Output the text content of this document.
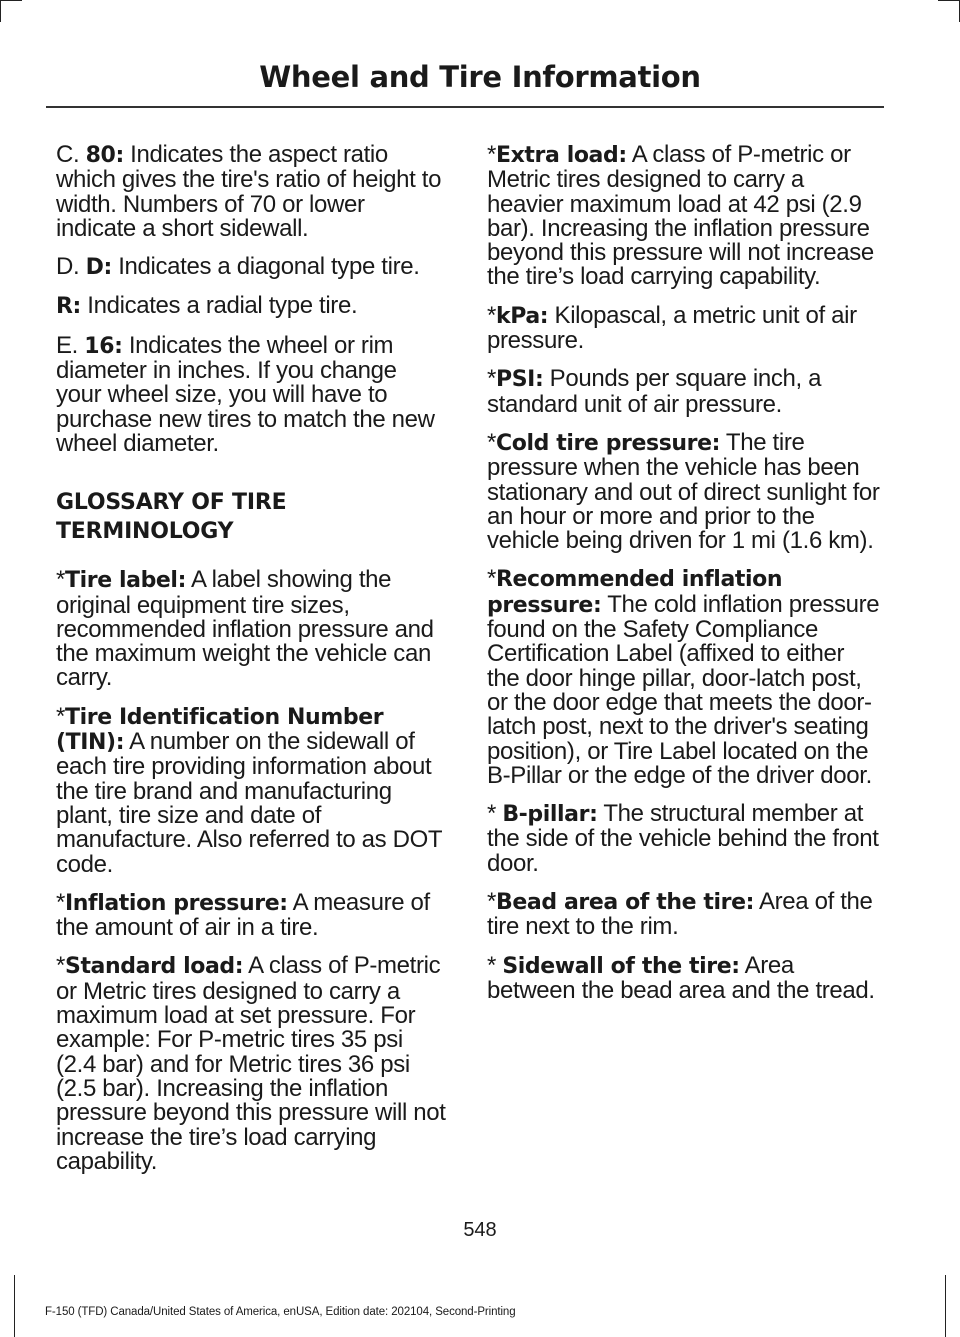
Wheel and Tire Information

C. 80: Indicates the aspect ratio which gives the tire's ratio of height to width. Numbers of 70 or lower indicate a short sidewall.

D. D: Indicates a diagonal type tire.

R: Indicates a radial type tire.

E. 16: Indicates the wheel or rim diameter in inches. If you change your wheel size, you will have to purchase new tires to match the new wheel diameter.

GLOSSARY OF TIRE TERMINOLOGY

*Tire label: A label showing the original equipment tire sizes, recommended inflation pressure and the maximum weight the vehicle can carry.

*Tire Identification Number (TIN): A number on the sidewall of each tire providing information about the tire brand and manufacturing plant, tire size and date of manufacture. Also referred to as DOT code.

*Inflation pressure: A measure of the amount of air in a tire.

*Standard load: A class of P-metric or Metric tires designed to carry a maximum load at set pressure. For example: For P-metric tires 35 psi (2.4 bar) and for Metric tires 36 psi (2.5 bar). Increasing the inflation pressure beyond this pressure will not increase the tire’s load carrying capability.

*Extra load: A class of P-metric or Metric tires designed to carry a heavier maximum load at 42 psi (2.9 bar). Increasing the inflation pressure beyond this pressure will not increase the tire’s load carrying capability.

*kPa: Kilopascal, a metric unit of air pressure.

*PSI: Pounds per square inch, a standard unit of air pressure.

*Cold tire pressure: The tire pressure when the vehicle has been stationary and out of direct sunlight for an hour or more and prior to the vehicle being driven for 1 mi (1.6 km).

*Recommended inflation pressure: The cold inflation pressure found on the Safety Compliance Certification Label (affixed to either the door hinge pillar, door-latch post, or the door edge that meets the door-latch post, next to the driver's seating position), or Tire Label located on the B-Pillar or the edge of the driver door.

* B-pillar: The structural member at the side of the vehicle behind the front door.

*Bead area of the tire: Area of the tire next to the rim.

* Sidewall of the tire: Area between the bead area and the tread.

548
F-150 (TFD) Canada/United States of America, enUSA, Edition date: 202104, Second-Printing
